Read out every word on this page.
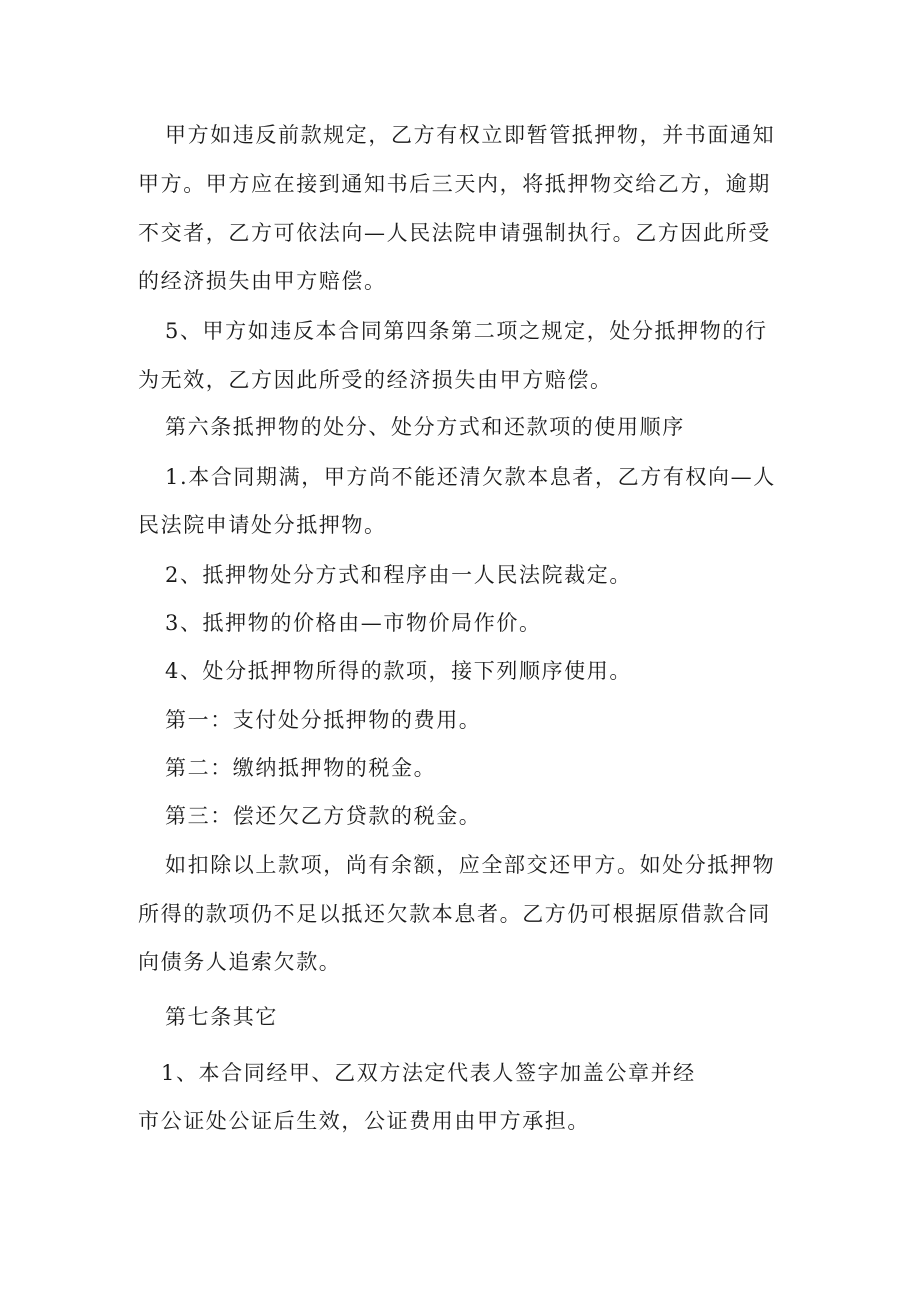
甲方如违反前款规定，乙方有权立即暂管抵押物，并书面通知
甲方。甲方应在接到通知书后三天内，将抵押物交给乙方，逾期
不交者，乙方可依法向—人民法院申请强制执行。乙方因此所受
的经济损失由甲方赔偿。
5、甲方如违反本合同第四条第二项之规定，处分抵押物的行
为无效，乙方因此所受的经济损失由甲方赔偿。
第六条抵押物的处分、处分方式和还款项的使用顺序
1.本合同期满，甲方尚不能还清欠款本息者，乙方有权向—人
民法院申请处分抵押物。
2、抵押物处分方式和程序由一人民法院裁定。
3、抵押物的价格由—市物价局作价。
4、处分抵押物所得的款项，接下列顺序使用。
第一：支付处分抵押物的费用。
第二：缴纳抵押物的税金。
第三：偿还欠乙方贷款的税金。
如扣除以上款项，尚有余额，应全部交还甲方。如处分抵押物
所得的款项仍不足以抵还欠款本息者。乙方仍可根据原借款合同
向债务人追索欠款。
第七条其它
1、本合同经甲、乙双方法定代表人签字加盖公章并经
市公证处公证后生效，公证费用由甲方承担。
